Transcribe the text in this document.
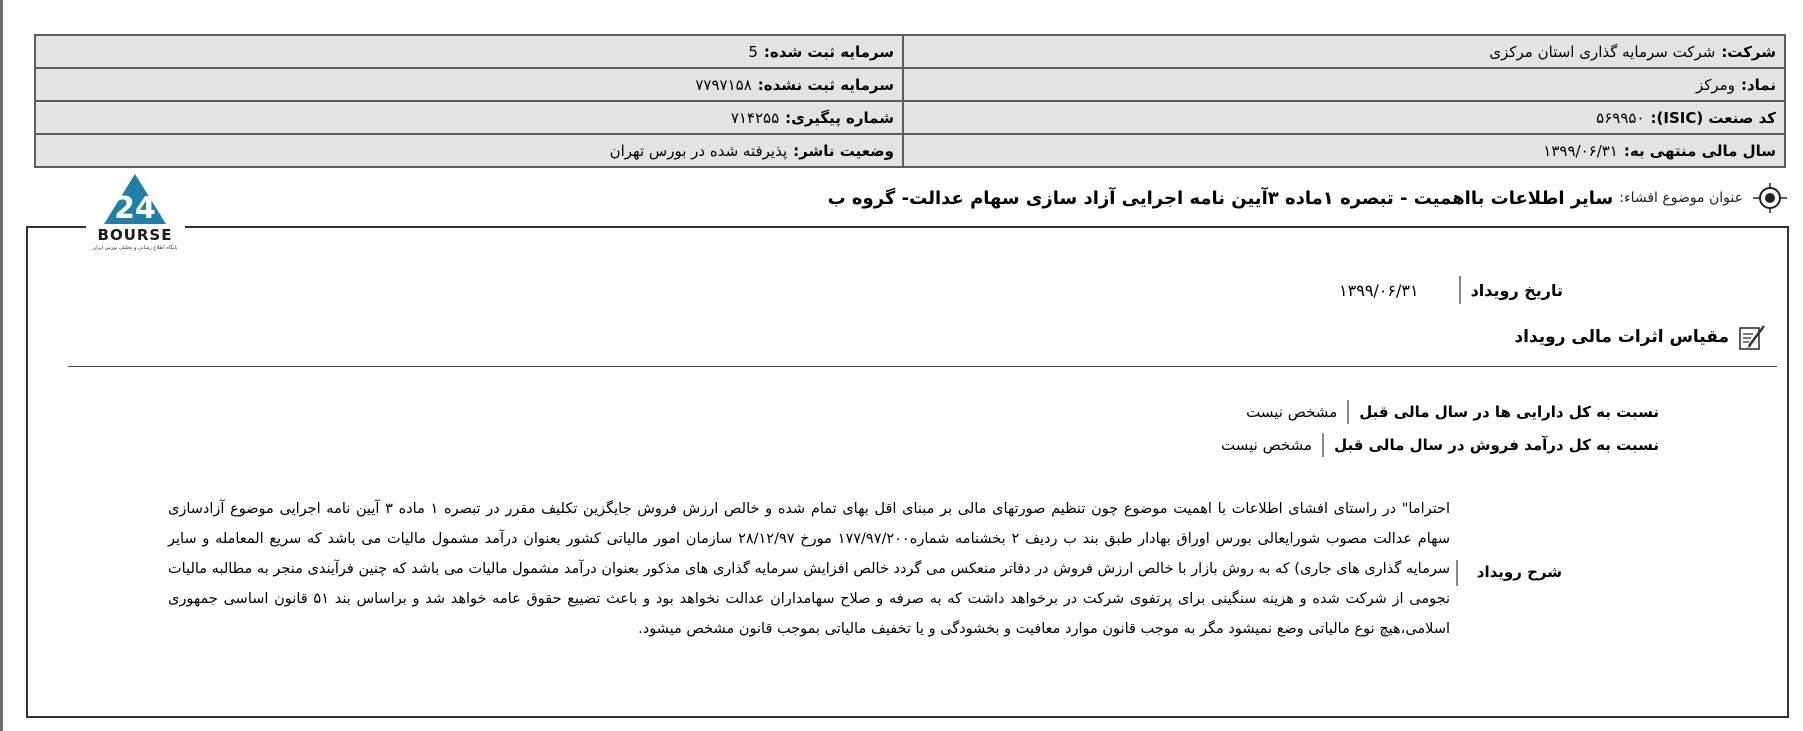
شرکت:شرکت سرمایه گذاری استان مرکزی	سرمایه ثبت شده:5
نماد:ومرکز	سرمایه ثبت نشده:۷۷۹۷۱۵۸
کد صنعت (ISIC):۵۶۹۹۵۰	شماره پیگیری:۷۱۴۲۵۵
سال مالی منتهی به:۱۳۹۹/۰۶/۳۱	وضعیت ناشر:پذیرفته شده در بورس تهران
عنوان موضوع افشاء:
سایر اطلاعات بااهمیت - تبصره ۱ماده ۳آیین نامه اجرایی آزاد سازی سهام عدالت- گروه ب
24
BOURSE
پایگاه اطلاع رسانی و تحلیلی بورس ایران
تاریخ رویداد
۱۳۹۹/۰۶/۳۱
مقیاس اثرات مالی رویداد
نسبت به کل دارایی ها در سال مالی قبل
مشخص نیست
نسبت به کل درآمد فروش در سال مالی قبل
مشخص نیست
شرح رویداد
احتراما" در راستای افشای اطلاعات با اهمیت موضوع چون تنظیم صورتهای مالی بر مبنای اقل بهای تمام شده و خالص ارزش فروش جایگزین تکلیف مقرر در تبصره ۱ ماده ۳ آیین نامه اجرایی موضوع آزادسازی سهام عدالت مصوب شورایعالی بورس اوراق بهادار طبق بند ب ردیف ۲ بخشنامه شماره۱۷۷/۹۷/۲۰۰ مورخ ۲۸/۱۲/۹۷ سازمان امور مالیاتی کشور بعنوان درآمد مشمول مالیات می باشد که سریع المعامله و سایر سرمایه گذاری های جاری) که به روش بازار با خالص ارزش فروش در دفاتر منعکس می گردد خالص افزایش سرمایه گذاری های مذکور بعنوان درآمد مشمول مالیات می باشد که چنین فرآیندی منجر به مطالبه مالیات نجومی از شرکت شده و هزینه سنگینی برای پرتفوی شرکت در برخواهد داشت که به صرفه و صلاح سهامداران عدالت نخواهد بود و باعث تضییع حقوق عامه خواهد شد و براساس بند ۵۱ قانون اساسی جمهوری اسلامی،هیچ نوع مالیاتی وضع نمیشود مگر به موجب قانون موارد معافیت و بخشودگی و یا تخفیف مالیاتی بموجب قانون مشخص میشود.
